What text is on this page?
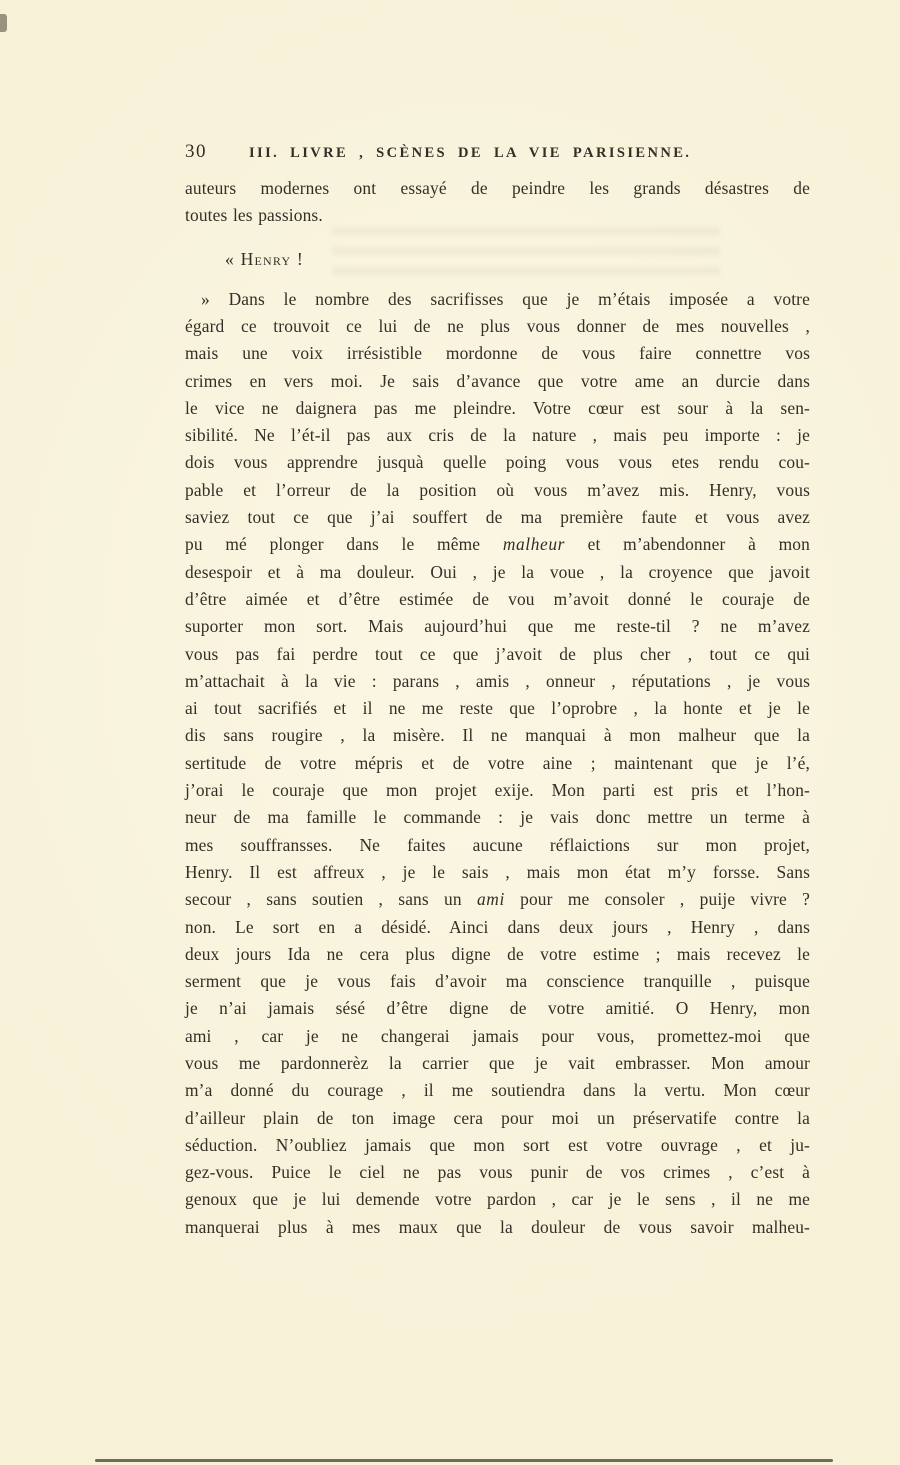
30	III. LIVRE , SCÈNES DE LA VIE PARISIENNE.
auteurs modernes ont essayé de peindre les grands désastres de
toutes les passions.
« Henry !
» Dans le nombre des sacrifisses que je m’étais imposée a votre
égard ce trouvoit ce lui de ne plus vous donner de mes nouvelles ,
mais une voix irrésistible mordonne de vous faire connettre vos
crimes en vers moi. Je sais d’avance que votre ame an durcie dans
le vice ne daignera pas me pleindre. Votre cœur est sour à la sen-
sibilité. Ne l’ét-il pas aux cris de la nature , mais peu importe : je
dois vous apprendre jusquà quelle poing vous vous etes rendu cou-
pable et l’orreur de la position où vous m’avez mis. Henry, vous
saviez tout ce que j’ai souffert de ma première faute et vous avez
pu mé plonger dans le même malheur et m’abendonner à mon
desespoir et à ma douleur. Oui , je la voue , la croyence que javoit
d’être aimée et d’être estimée de vou m’avoit donné le couraje de
suporter mon sort. Mais aujourd’hui que me reste-til ? ne m’avez
vous pas fai perdre tout ce que j’avoit de plus cher , tout ce qui
m’attachait à la vie : parans , amis , onneur , réputations , je vous
ai tout sacrifiés et il ne me reste que l’oprobre , la honte et je le
dis sans rougire , la misère. Il ne manquai à mon malheur que la
sertitude de votre mépris et de votre aine ; maintenant que je l’é,
j’orai le couraje que mon projet exije. Mon parti est pris et l’hon-
neur de ma famille le commande : je vais donc mettre un terme à
mes souffransses. Ne faites aucune réflaictions sur mon projet,
Henry. Il est affreux , je le sais , mais mon état m’y forsse. Sans
secour , sans soutien , sans un ami pour me consoler , puije vivre ?
non. Le sort en a désidé. Ainci dans deux jours , Henry , dans
deux jours Ida ne cera plus digne de votre estime ; mais recevez le
serment que je vous fais d’avoir ma conscience tranquille , puisque
je n’ai jamais sésé d’être digne de votre amitié. O Henry, mon
ami , car je ne changerai jamais pour vous, promettez-moi que
vous me pardonnerèz la carrier que je vait embrasser. Mon amour
m’a donné du courage , il me soutiendra dans la vertu. Mon cœur
d’ailleur plain de ton image cera pour moi un préservatife contre la
séduction. N’oubliez jamais que mon sort est votre ouvrage , et ju-
gez-vous. Puice le ciel ne pas vous punir de vos crimes , c’est à
genoux que je lui demende votre pardon , car je le sens , il ne me
manquerai plus à mes maux que la douleur de vous savoir malheu-
